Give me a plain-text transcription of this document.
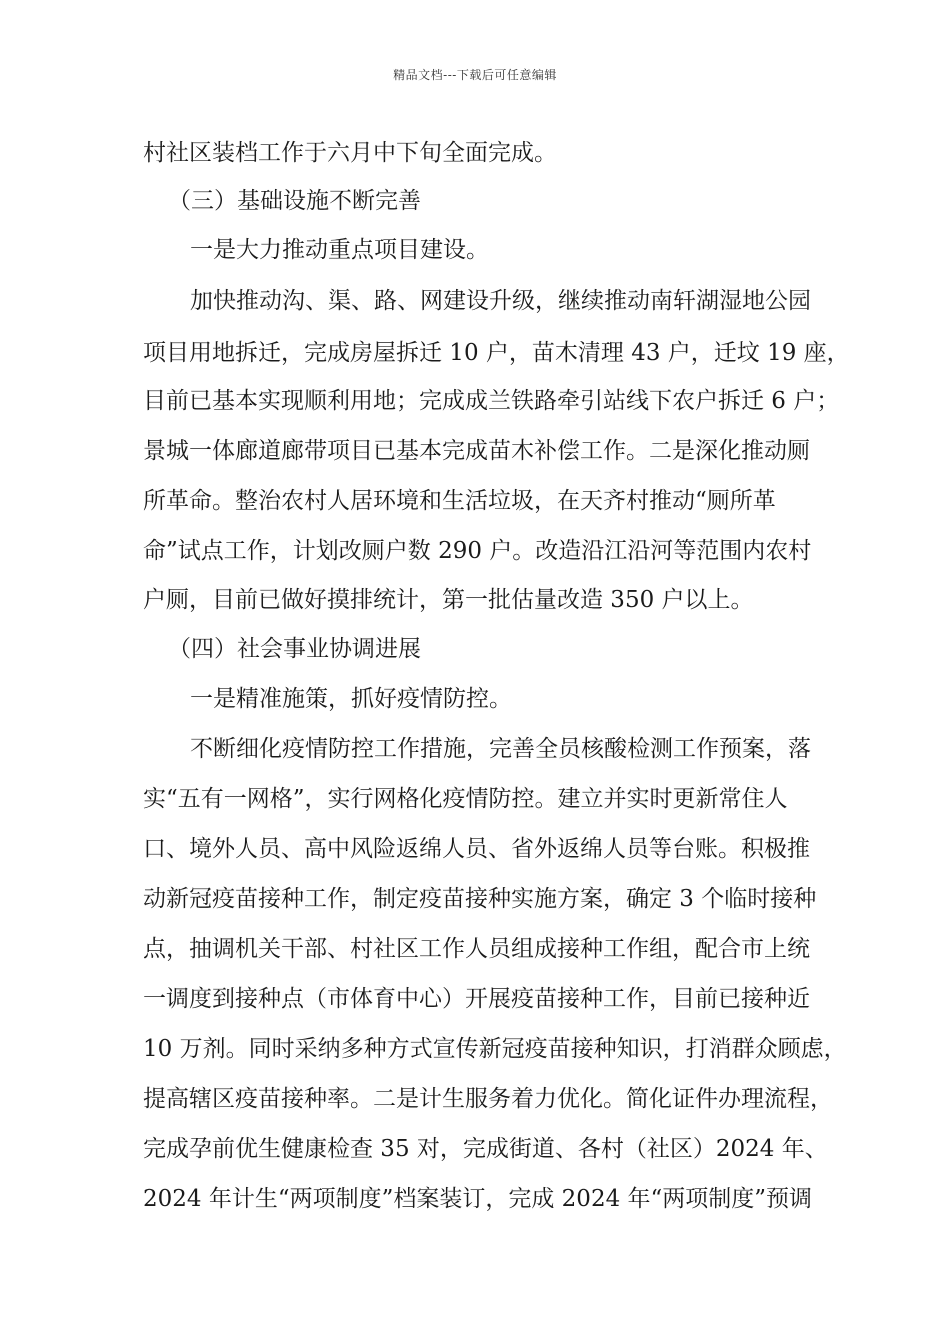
精品文档---下载后可任意编辑
村社区装档工作于六月中下旬全面完成。
（三）基础设施不断完善
一是大力推动重点项目建设。
加快推动沟、渠、路、网建设升级，继续推动南轩湖湿地公园
项目用地拆迁，完成房屋拆迁 10 户，苗木清理 43 户，迁坟 19 座，
目前已基本实现顺利用地；完成成兰铁路牵引站线下农户拆迁 6 户；
景城一体廊道廊带项目已基本完成苗木补偿工作。二是深化推动厕
所革命。整治农村人居环境和生活垃圾，在天齐村推动“厕所革
命”试点工作，计划改厕户数 290 户。改造沿江沿河等范围内农村
户厕，目前已做好摸排统计，第一批估量改造 350 户以上。
（四）社会事业协调进展
一是精准施策，抓好疫情防控。
不断细化疫情防控工作措施，完善全员核酸检测工作预案，落
实“五有一网格”，实行网格化疫情防控。建立并实时更新常住人
口、境外人员、高中风险返绵人员、省外返绵人员等台账。积极推
动新冠疫苗接种工作，制定疫苗接种实施方案，确定 3 个临时接种
点，抽调机关干部、村社区工作人员组成接种工作组，配合市上统
一调度到接种点（市体育中心）开展疫苗接种工作，目前已接种近
10 万剂。同时采纳多种方式宣传新冠疫苗接种知识，打消群众顾虑，
提高辖区疫苗接种率。二是计生服务着力优化。简化证件办理流程，
完成孕前优生健康检查 35 对，完成街道、各村（社区）2024 年、
2024 年计生“两项制度”档案装订，完成 2024 年“两项制度”预调
